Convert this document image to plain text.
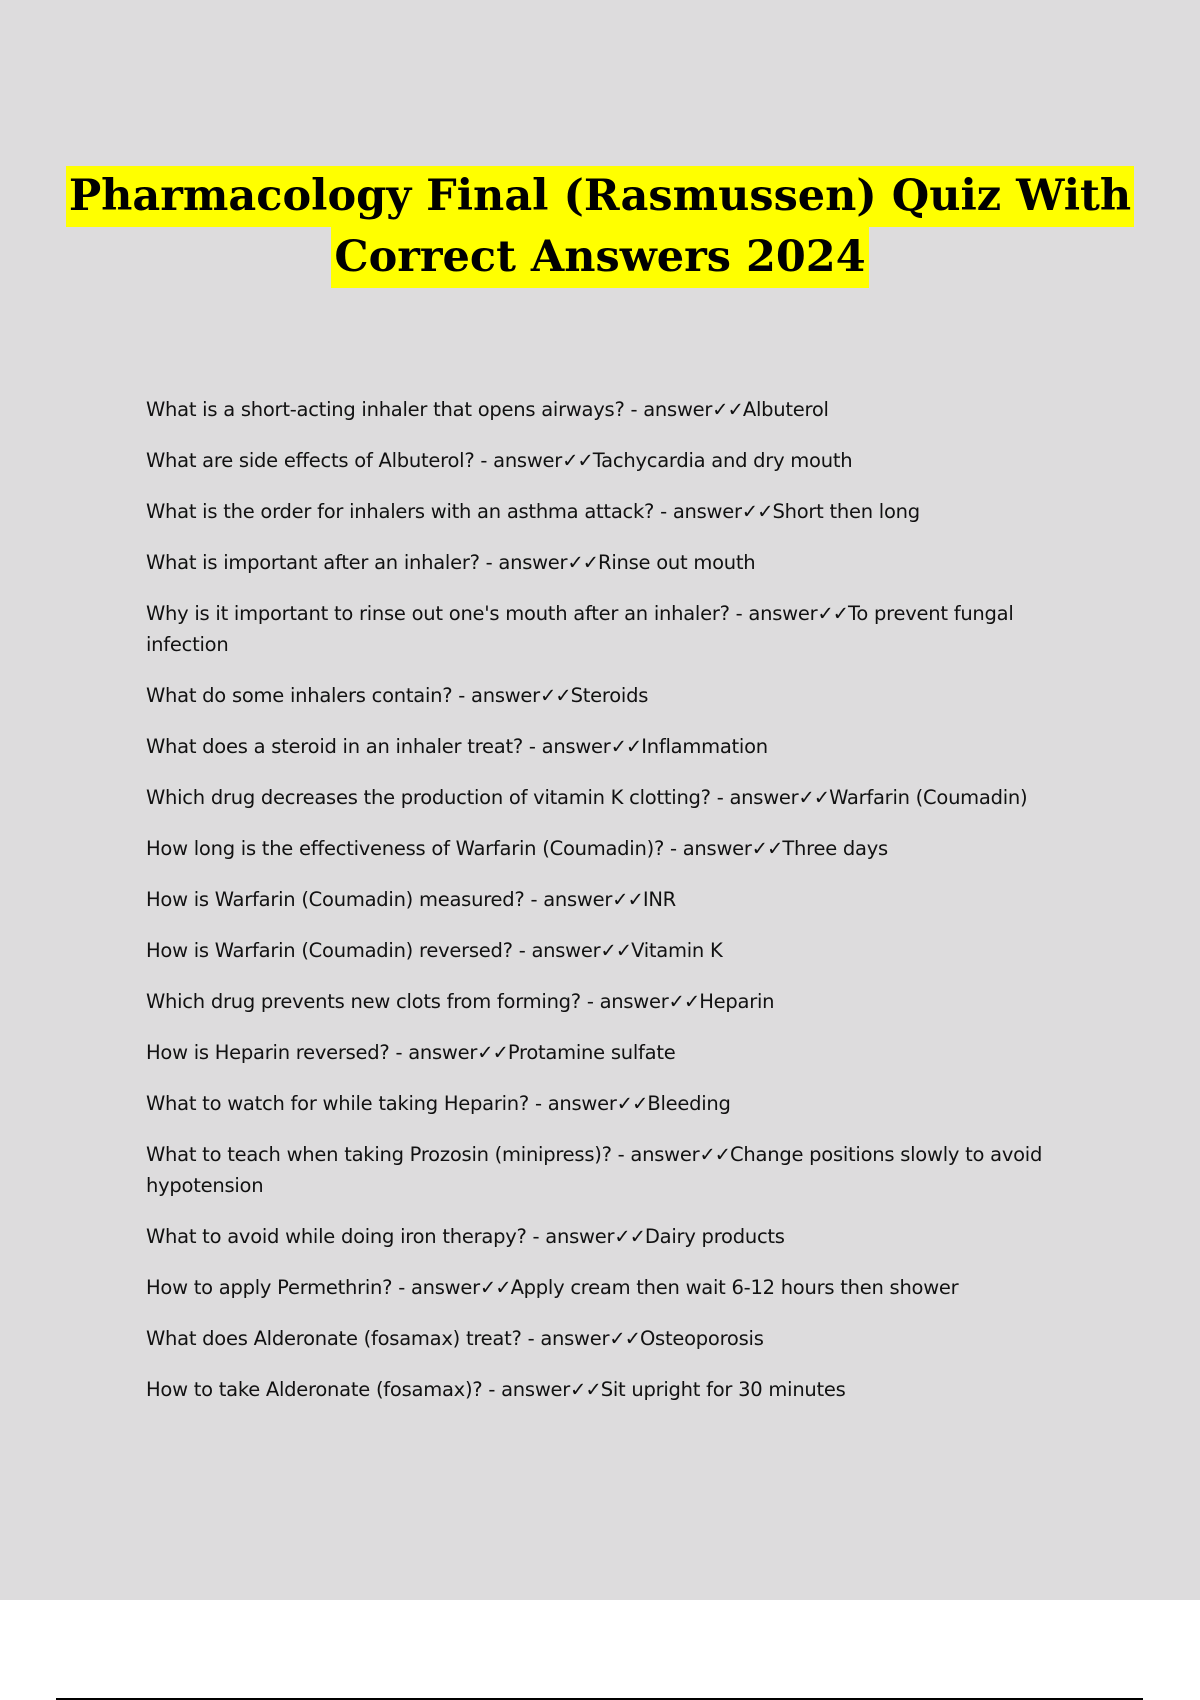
Pharmacology Final (Rasmussen) Quiz With
Correct Answers 2024
What is a short-acting inhaler that opens airways? - answer✓✓Albuterol
What are side effects of Albuterol? - answer✓✓Tachycardia and dry mouth
What is the order for inhalers with an asthma attack? - answer✓✓Short then long
What is important after an inhaler? - answer✓✓Rinse out mouth
Why is it important to rinse out one's mouth after an inhaler? - answer✓✓To prevent fungal infection
What do some inhalers contain? - answer✓✓Steroids
What does a steroid in an inhaler treat? - answer✓✓Inflammation
Which drug decreases the production of vitamin K clotting? - answer✓✓Warfarin (Coumadin)
How long is the effectiveness of Warfarin (Coumadin)? - answer✓✓Three days
How is Warfarin (Coumadin) measured? - answer✓✓INR
How is Warfarin (Coumadin) reversed? - answer✓✓Vitamin K
Which drug prevents new clots from forming? - answer✓✓Heparin
How is Heparin reversed? - answer✓✓Protamine sulfate
What to watch for while taking Heparin? - answer✓✓Bleeding
What to teach when taking Prozosin (minipress)? - answer✓✓Change positions slowly to avoid hypotension
What to avoid while doing iron therapy? - answer✓✓Dairy products
How to apply Permethrin? - answer✓✓Apply cream then wait 6-12 hours then shower
What does Alderonate (fosamax) treat? - answer✓✓Osteoporosis
How to take Alderonate (fosamax)? - answer✓✓Sit upright for 30 minutes
